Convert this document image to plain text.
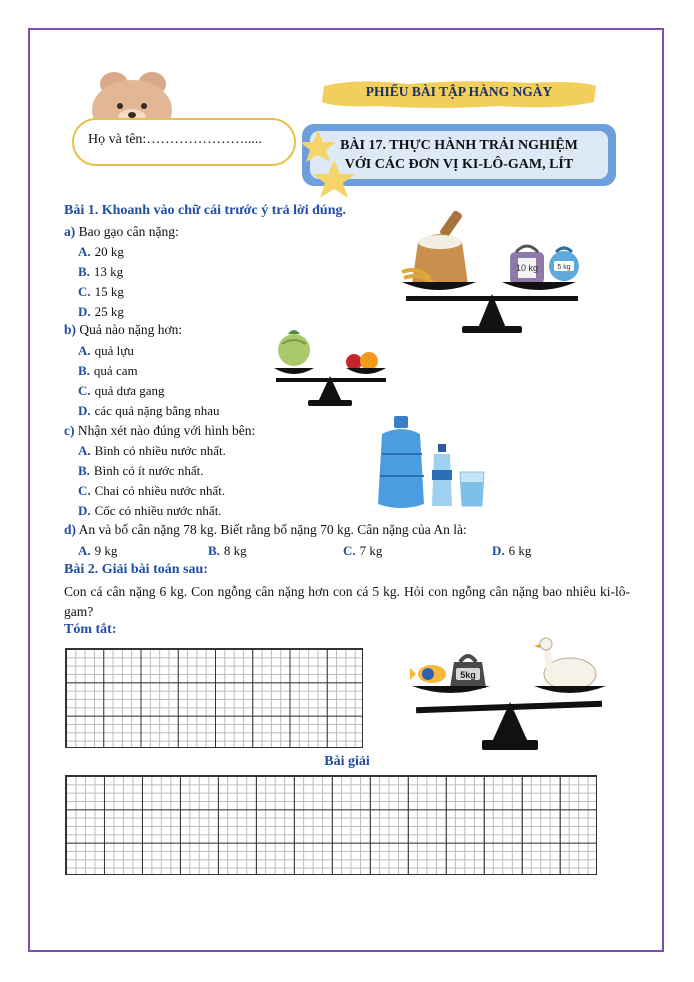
Họ và tên:………………….....
PHIẾU BÀI TẬP HÀNG NGÀY
BÀI 17. THỰC HÀNH TRẢI NGHIỆM
VỚI CÁC ĐƠN VỊ KI-LÔ-GAM, LÍT
Bài 1. Khoanh vào chữ cái trước ý trả lời đúng.
a) Bao gạo cân nặng:
A. 20 kg
B. 13 kg
C. 15 kg
D. 25 kg
10 kg	5 kg
b) Quả nào nặng hơn:
A. quả lựu
B. quả cam
C. quả dưa gang
D. các quả nặng bằng nhau
c) Nhận xét nào đúng với hình bên:
A. Bình có nhiều nước nhất.
B. Bình có ít nước nhất.
C. Chai có nhiều nước nhất.
D. Cốc có nhiều nước nhất.
d) An và bố cân nặng 78 kg. Biết rằng bố nặng 70 kg. Cân nặng của An là:
A. 9 kg	B. 8 kg	C. 7 kg	D. 6 kg
Bài 2. Giải bài toán sau:
Con cá cân nặng 6 kg. Con ngỗng cân nặng hơn con cá 5 kg. Hỏi con ngỗng cân nặng bao nhiêu ki-lô-gam?
Tóm tắt:
5kg
Bài giải
